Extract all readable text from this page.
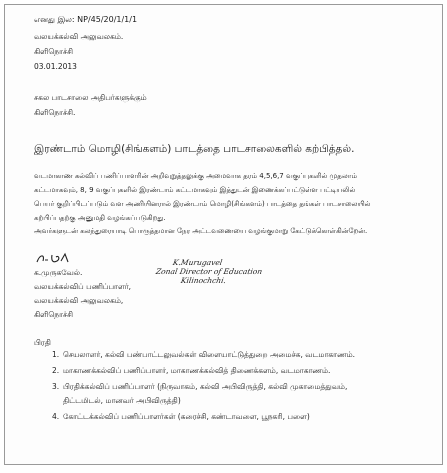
எனது இல: NP/45/20/1/1/1
வலயக்கல்வி அலுவலகம்.
கிளிநொச்சி
03.01.2013
சகல பாடசாலை அதிபர்களுக்கும்
கிளிநொச்சி.
இரண்டாம் மொழி(சிங்களம்) பாடத்தை பாடசாலைகளில் கற்பித்தல்.
வடமாகாண கல்விப் பணிப்பாளரின் அறிவுறுத்தலுக்கு அமைவாக தரம் 4,5,6,7 வகுப்புகளில் முதலாம்
கட்டமாகவும், 8, 9 வகுப்புகளில் இரண்டாம் கட்டமாகவும் இத்துடன் இணைக்கப்பட்டுள்ள பட்டியலில்
பெயர் குறிப்பிடப்படும் வள அணியினரால் இரண்டாம் மொழி(சிங்களம்) பாடத்தை தங்கள் பாடசாலையில்
கற்பிப்பதற்கு அனுமதி வழங்கப்படுகிறது.
அவர்களுடன் கலந்துரையாடி பொருத்தமான நேர அட்டவணையை வழங்குமாறு கேட்டுக்கொள்கின்றேன்.
K.Murugavel
Zonal Director of Education
Kilinochchi.
க.முருகவேல்.
வலயக்கல்விப் பணிப்பாளர்,
வலயக்கல்வி அலுவலகம்,
கிளிநொச்சி
பிரதி
1. செயலாளர், கல்வி பண்பாட்டலுவல்கள் விளையாட்டுத்துறை அமைச்சு, வடமாகாணம்.
2. மாகாணக்கல்விப் பணிப்பாளர், மாகாணக்கல்வித் திணைக்களம், வடமாகாணம்.
3. பிரதிக்கல்விப் பணிப்பாளர் (நிருவாகம், கல்வி அபிவிருத்தி, கல்வி முகாமைத்துவம்,
திட்டமிடல், மானவர் அபிவிருத்தி)
4. கோட்டக்கல்விப் பணிப்பாளர்கள் (கரைச்சி, கண்டாவளை, பூநகரி, பளை)
